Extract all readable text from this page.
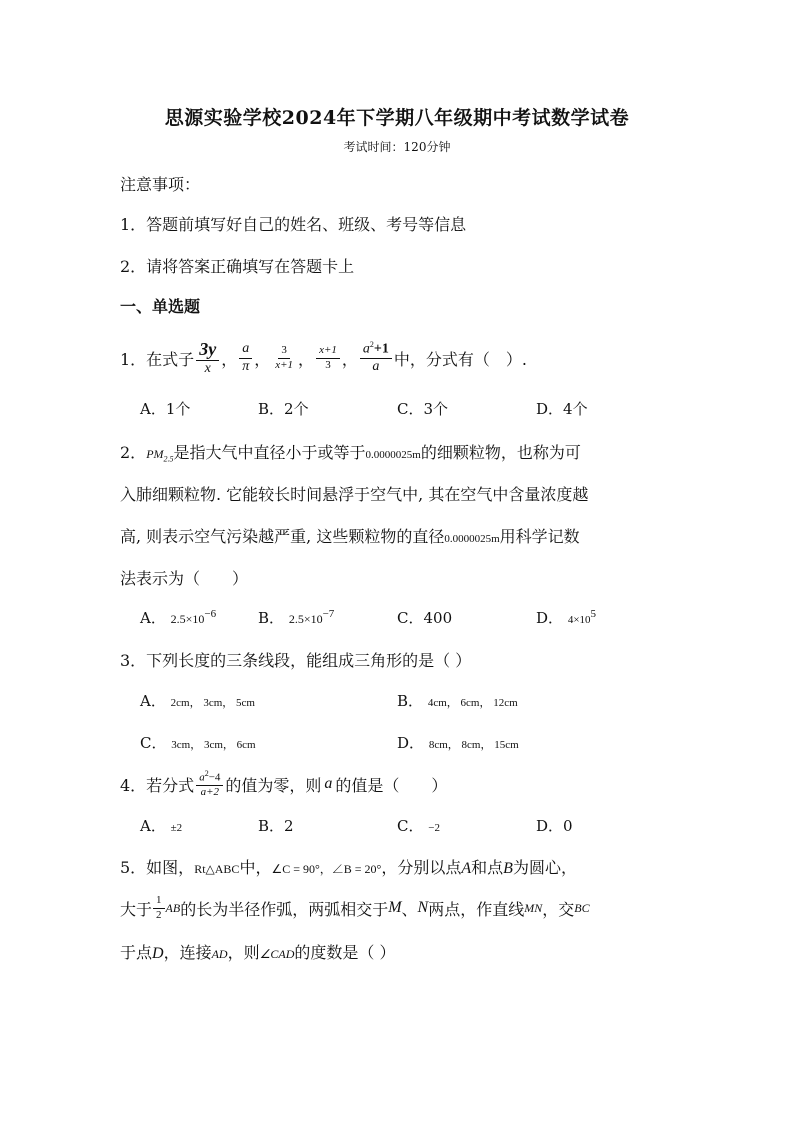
思源实验学校2024年下学期八年级期中考试数学试卷
考试时间：120分钟
注意事项：
1．答题前填写好自己的姓名、班级、考号等信息
2．请将答案正确填写在答题卡上
一、单选题
1．在式子 $\frac{3y}{x}$ ， $\frac{a}{\pi}$ ， $\frac{3}{x+1}$ ， $\frac{x+1}{3}$ ， $\frac{a^2+1}{a}$ 中，分式有（　）.
A．1个	B．2个	C．3个	D．4个
2．$PM_{2.5}$是指大气中直径小于或等于0.0000025m的细颗粒物，也称为可
入肺细颗粒物. 它能较长时间悬浮于空气中, 其在空气中含量浓度越
高, 则表示空气污染越严重, 这些颗粒物的直径0.0000025m用科学记数
法表示为（　　）
A． $2.5\times 10^{-6}$	B． $2.5\times 10^{-7}$	C．400	D． $4\times 10^5$
3．下列长度的三条线段，能组成三角形的是（ ）
A． 2cm， 3cm， 5cm	B． 4cm， 6cm， 12cm
C． 3cm， 3cm， 6cm	D． 8cm， 8cm， 15cm
4．若分式 $\frac{a^2-4}{a+2}$ 的值为零，则 a 的值是（　　）
A． ±2	B．2	C． −2	D．0
5．如图，Rt△ABC中，∠C = 90°，∠B = 20°，分别以点A和点B为圆心，
大于 $\frac{1}{2}$ AB 的长为半径作弧，两弧相交于 M 、 N 两点，作直线 MN ，交 BC
于点D，连接AD，则∠CAD的度数是（ ）
